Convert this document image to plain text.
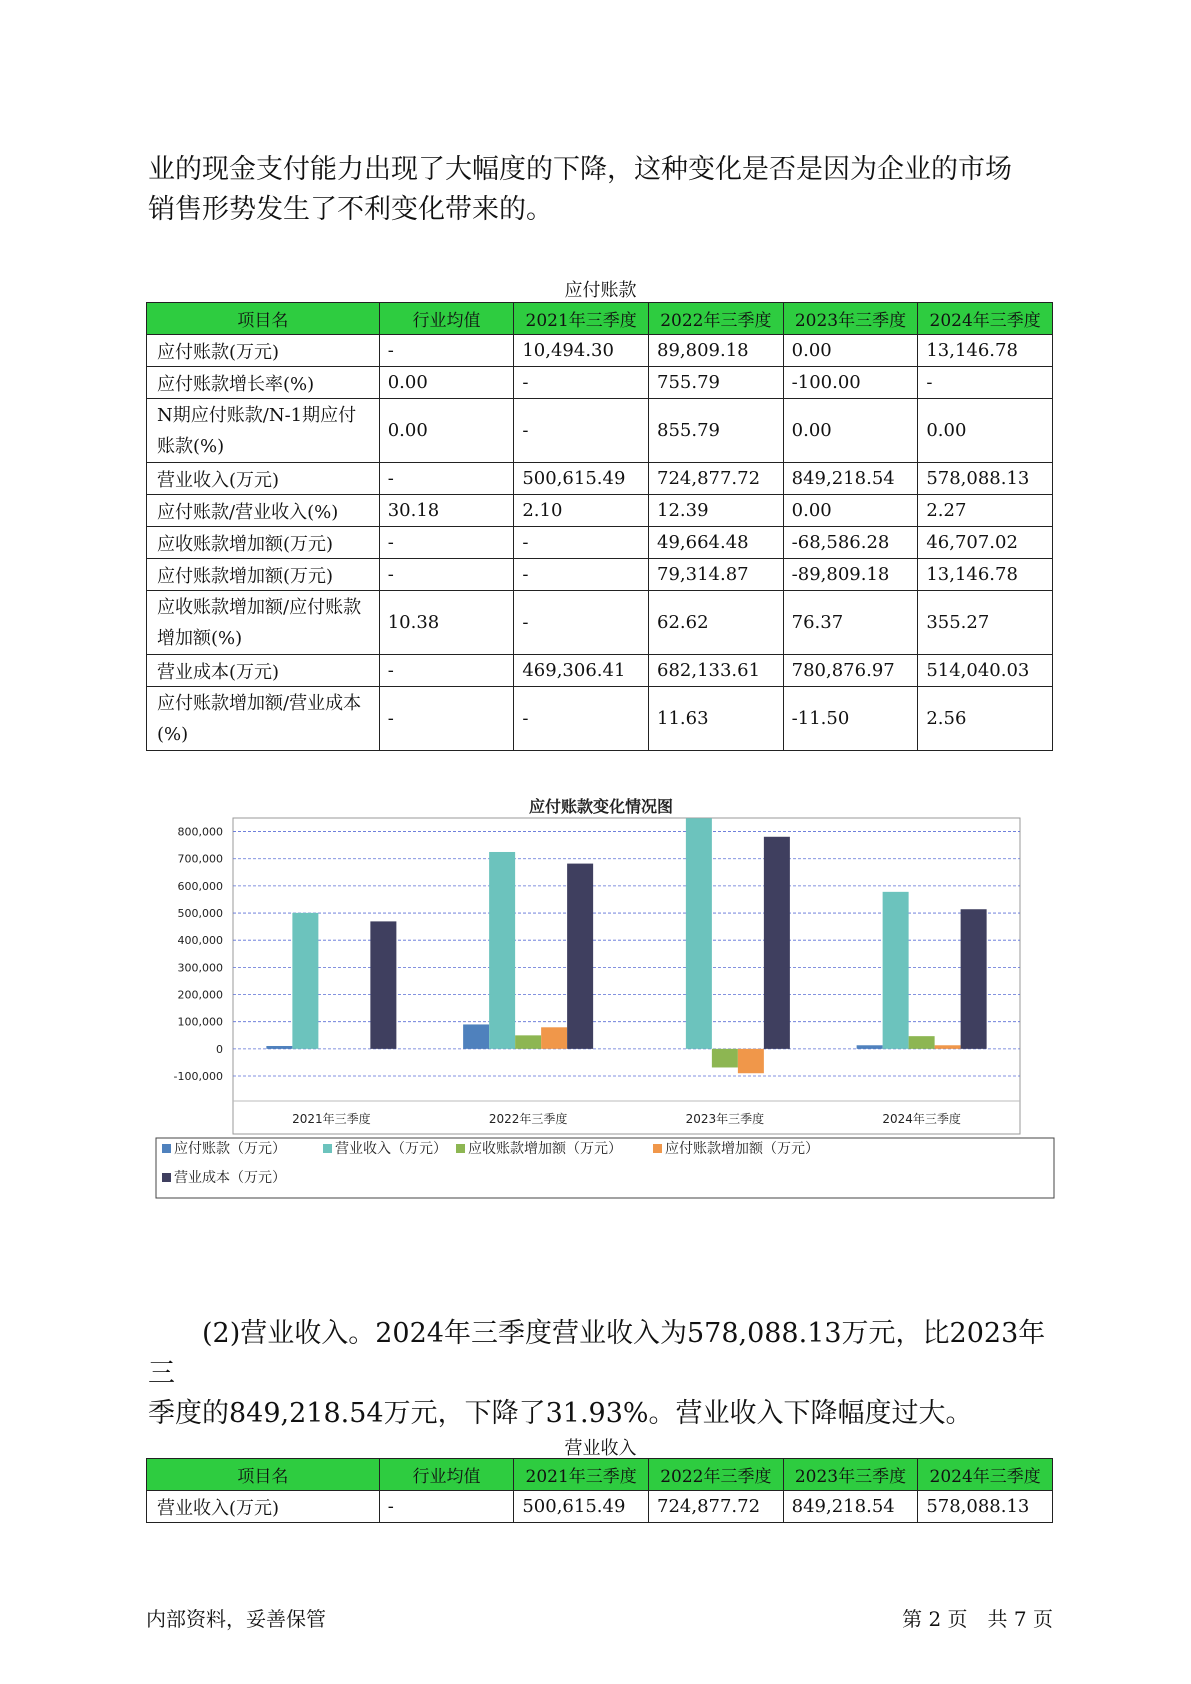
业的现金支付能力出现了大幅度的下降，这种变化是否是因为企业的市场
销售形势发生了不利变化带来的。

应付账款
项目名	行业均值	2021年三季度	2022年三季度	2023年三季度	2024年三季度
应付账款(万元)	-	10,494.30	89,809.18	0.00	13,146.78
应付账款增长率(%)	0.00	-	755.79	-100.00	-
N期应付账款/N-1期应付账款(%)	0.00	-	855.79	0.00	0.00
营业收入(万元)	-	500,615.49	724,877.72	849,218.54	578,088.13
应付账款/营业收入(%)	30.18	2.10	12.39	0.00	2.27
应收账款增加额(万元)	-	-	49,664.48	-68,586.28	46,707.02
应付账款增加额(万元)	-	-	79,314.87	-89,809.18	13,146.78
应收账款增加额/应付账款增加额(%)	10.38	-	62.62	76.37	355.27
营业成本(万元)	-	469,306.41	682,133.61	780,876.97	514,040.03
应付账款增加额/营业成本(%)	-	-	11.63	-11.50	2.56
应付账款变化情况图
-100,000
0
100,000
200,000
300,000
400,000
500,000
600,000
700,000
800,000
2021年三季度	2022年三季度	2023年三季度	2024年三季度
应付账款（万元）	营业收入（万元） 应收账款增加额（万元）	应付账款增加额（万元）
营业成本（万元）

(2)营业收入。2024年三季度营业收入为578,088.13万元，比2023年三
季度的849,218.54万元，下降了31.93%。营业收入下降幅度过大。

营业收入
项目名	行业均值	2021年三季度	2022年三季度	2023年三季度	2024年三季度
营业收入(万元)	-	500,615.49	724,877.72	849,218.54	578,088.13
内部资料，妥善保管	第 2 页　共 7 页
